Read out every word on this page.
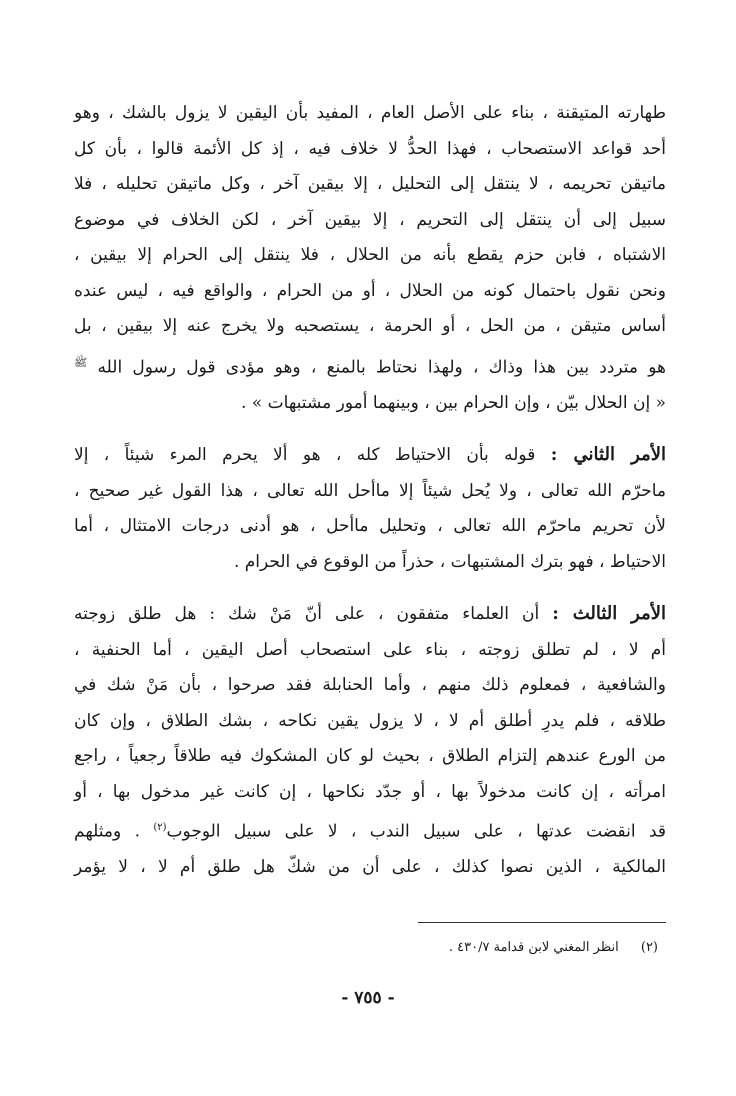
طهارته المتيقنة ، بناء على الأصل العام ، المفيد بأن اليقين لا يزول بالشك ، وهو
أحد قواعد الاستصحاب ، فهذا الحدُّ لا خلاف فيه ، إذ كل الأئمة قالوا ، بأن كل
ماتيقن تحريمه ، لا ينتقل إلى التحليل ، إلا بيقين آخر ، وكل ماتيقن تحليله ، فلا
سبيل إلى أن ينتقل إلى التحريم ، إلا بيقين آخر ، لكن الخلاف في موضوع
الاشتباه ، فابن حزم يقطع بأنه من الحلال ، فلا ينتقل إلى الحرام إلا بيقين ،
ونحن نقول باحتمال كونه من الحلال ، أو من الحرام ، والواقع فيه ، ليس عنده
أساس متيقن ، من الحل ، أو الحرمة ، يستصحبه ولا يخرج عنه إلا بيقين ، بل
هو متردد بين هذا وذاك ، ولهذا نحتاط بالمنع ، وهو مؤدى قول رسول الله $^ﷺ$
« إن الحلال بيّن ، وإن الحرام بين ، وبينهما أمور مشتبهات » .

الأمر الثاني : قوله بأن الاحتياط كله ، هو ألا يحرم المرء شيئاً ، إلا
ماحرّم الله تعالى ، ولا يُحل شيئاً إلا ماأحل الله تعالى ، هذا القول غير صحيح ،
لأن تحريم ماحرّم الله تعالى ، وتحليل ماأحل ، هو أدنى درجات الامتثال ، أما
الاحتياط ، فهو بترك المشتبهات ، حذراً من الوقوع في الحرام .

الأمر الثالث : أن العلماء متفقون ، على أنّ مَنْ شك : هل طلق زوجته
أم لا ، لم تطلق زوجته ، بناء على استصحاب أصل اليقين ، أما الحنفية ،
والشافعية ، فمعلوم ذلك منهم ، وأما الحنابلة فقد صرحوا ، بأن مَنْ شك في
طلاقه ، فلم يدرِ أطلق أم لا ، لا يزول يقين نكاحه ، بشك الطلاق ، وإن كان
من الورع عندهم إلتزام الطلاق ، بحيث لو كان المشكوك فيه طلاقاً رجعياً ، راجع
امرأته ، إن كانت مدخولاً بها ، أو جدّد نكاحها ، إن كانت غير مدخول بها ، أو
قد انقضت عدتها ، على سبيل الندب ، لا على سبيل الوجوب$^{(٢)}$ . ومثلهم
المالكية ، الذين نصوا كذلك ، على أن من شكّ هل طلق أم لا ، لا يؤمر

(٢) انظر المغني لابن قدامة ٤٣٠/٧ .
- ٧٥٥ -
